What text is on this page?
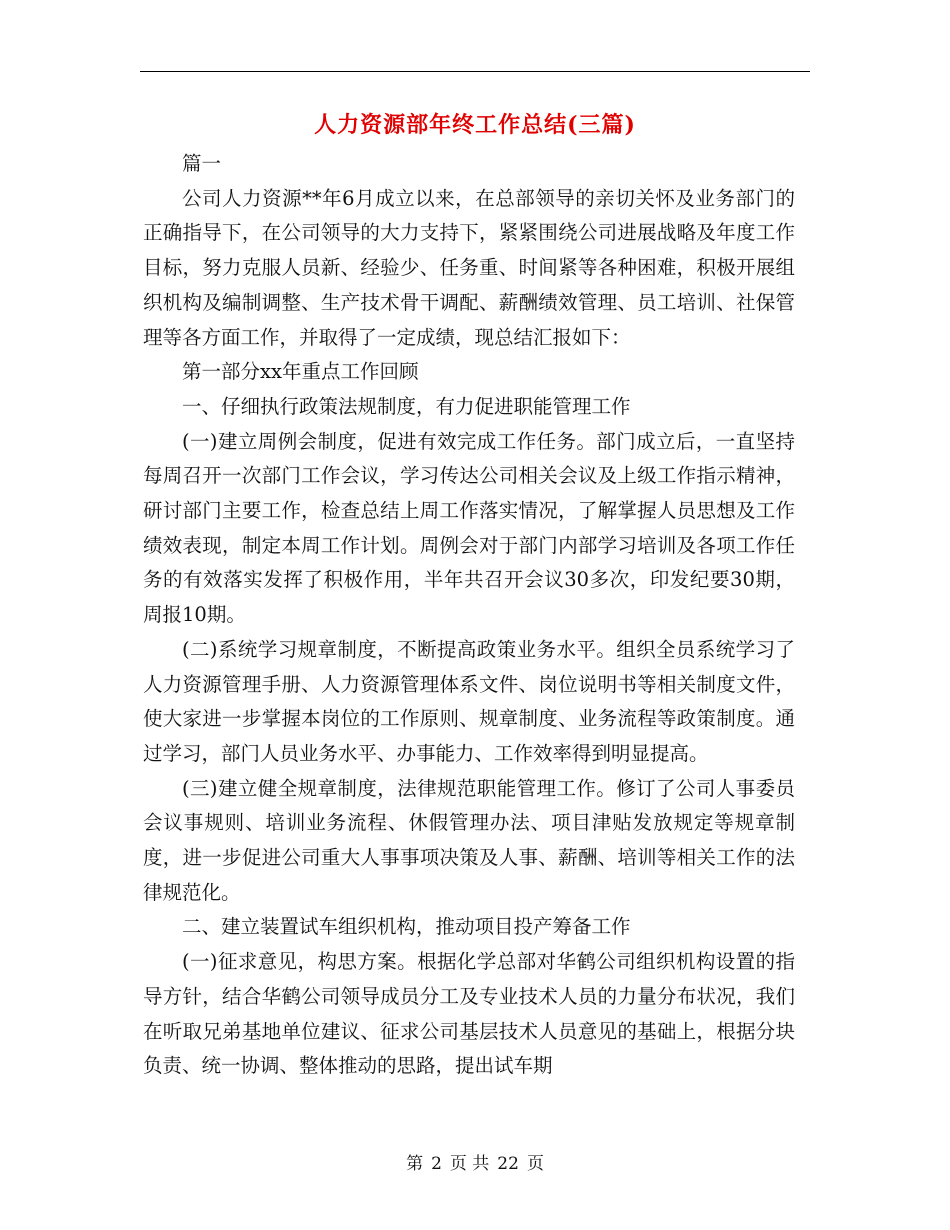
人力资源部年终工作总结(三篇)

篇一

公司人力资源**年6月成立以来，在总部领导的亲切关怀及业务部门的正确指导下，在公司领导的大力支持下，紧紧围绕公司进展战略及年度工作目标，努力克服人员新、经验少、任务重、时间紧等各种困难，积极开展组织机构及编制调整、生产技术骨干调配、薪酬绩效管理、员工培训、社保管理等各方面工作，并取得了一定成绩，现总结汇报如下：

第一部分xx年重点工作回顾

一、仔细执行政策法规制度，有力促进职能管理工作

(一)建立周例会制度，促进有效完成工作任务。部门成立后，一直坚持每周召开一次部门工作会议，学习传达公司相关会议及上级工作指示精神，研讨部门主要工作，检查总结上周工作落实情况，了解掌握人员思想及工作绩效表现，制定本周工作计划。周例会对于部门内部学习培训及各项工作任务的有效落实发挥了积极作用，半年共召开会议30多次，印发纪要30期，周报10期。

(二)系统学习规章制度，不断提高政策业务水平。组织全员系统学习了人力资源管理手册、人力资源管理体系文件、岗位说明书等相关制度文件，使大家进一步掌握本岗位的工作原则、规章制度、业务流程等政策制度。通过学习，部门人员业务水平、办事能力、工作效率得到明显提高。

(三)建立健全规章制度，法律规范职能管理工作。修订了公司人事委员会议事规则、培训业务流程、休假管理办法、项目津贴发放规定等规章制度，进一步促进公司重大人事事项决策及人事、薪酬、培训等相关工作的法律规范化。

二、建立装置试车组织机构，推动项目投产筹备工作

(一)征求意见，构思方案。根据化学总部对华鹤公司组织机构设置的指导方针，结合华鹤公司领导成员分工及专业技术人员的力量分布状况，我们在听取兄弟基地单位建议、征求公司基层技术人员意见的基础上，根据分块负责、统一协调、整体推动的思路，提出试车期

第 2 页 共 22 页
